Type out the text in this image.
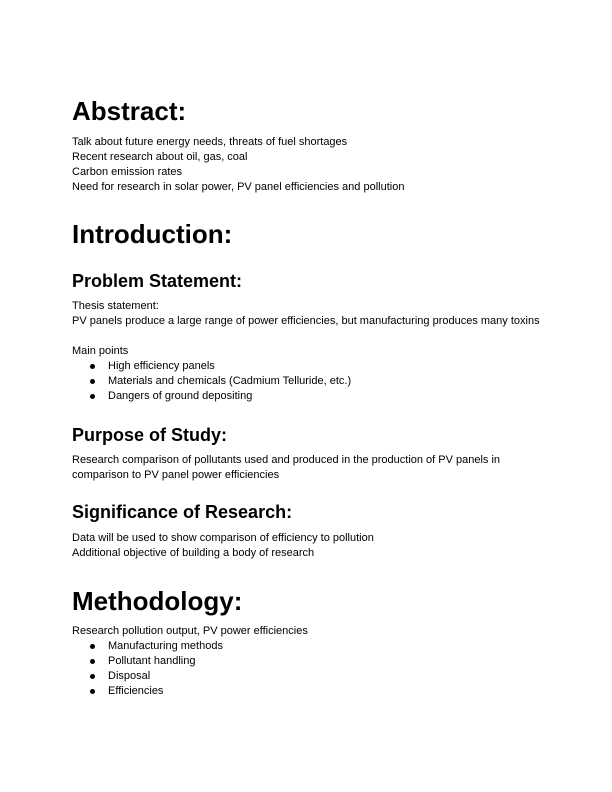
Abstract:
Talk about future energy needs, threats of fuel shortages
Recent research about oil, gas, coal
Carbon emission rates
Need for research in solar power, PV panel efficiencies and pollution
Introduction:
Problem Statement:
Thesis statement:
PV panels produce a large range of power efficiencies, but manufacturing produces many toxins
Main points
High efficiency panels
Materials and chemicals (Cadmium Telluride, etc.)
Dangers of ground depositing
Purpose of Study:
Research comparison of pollutants used and produced in the production of PV panels in
comparison to PV panel power efficiencies
Significance of Research:
Data will be used to show comparison of efficiency to pollution
Additional objective of building a body of research
Methodology:
Research pollution output, PV power efficiencies
Manufacturing methods
Pollutant handling
Disposal
Efficiencies
